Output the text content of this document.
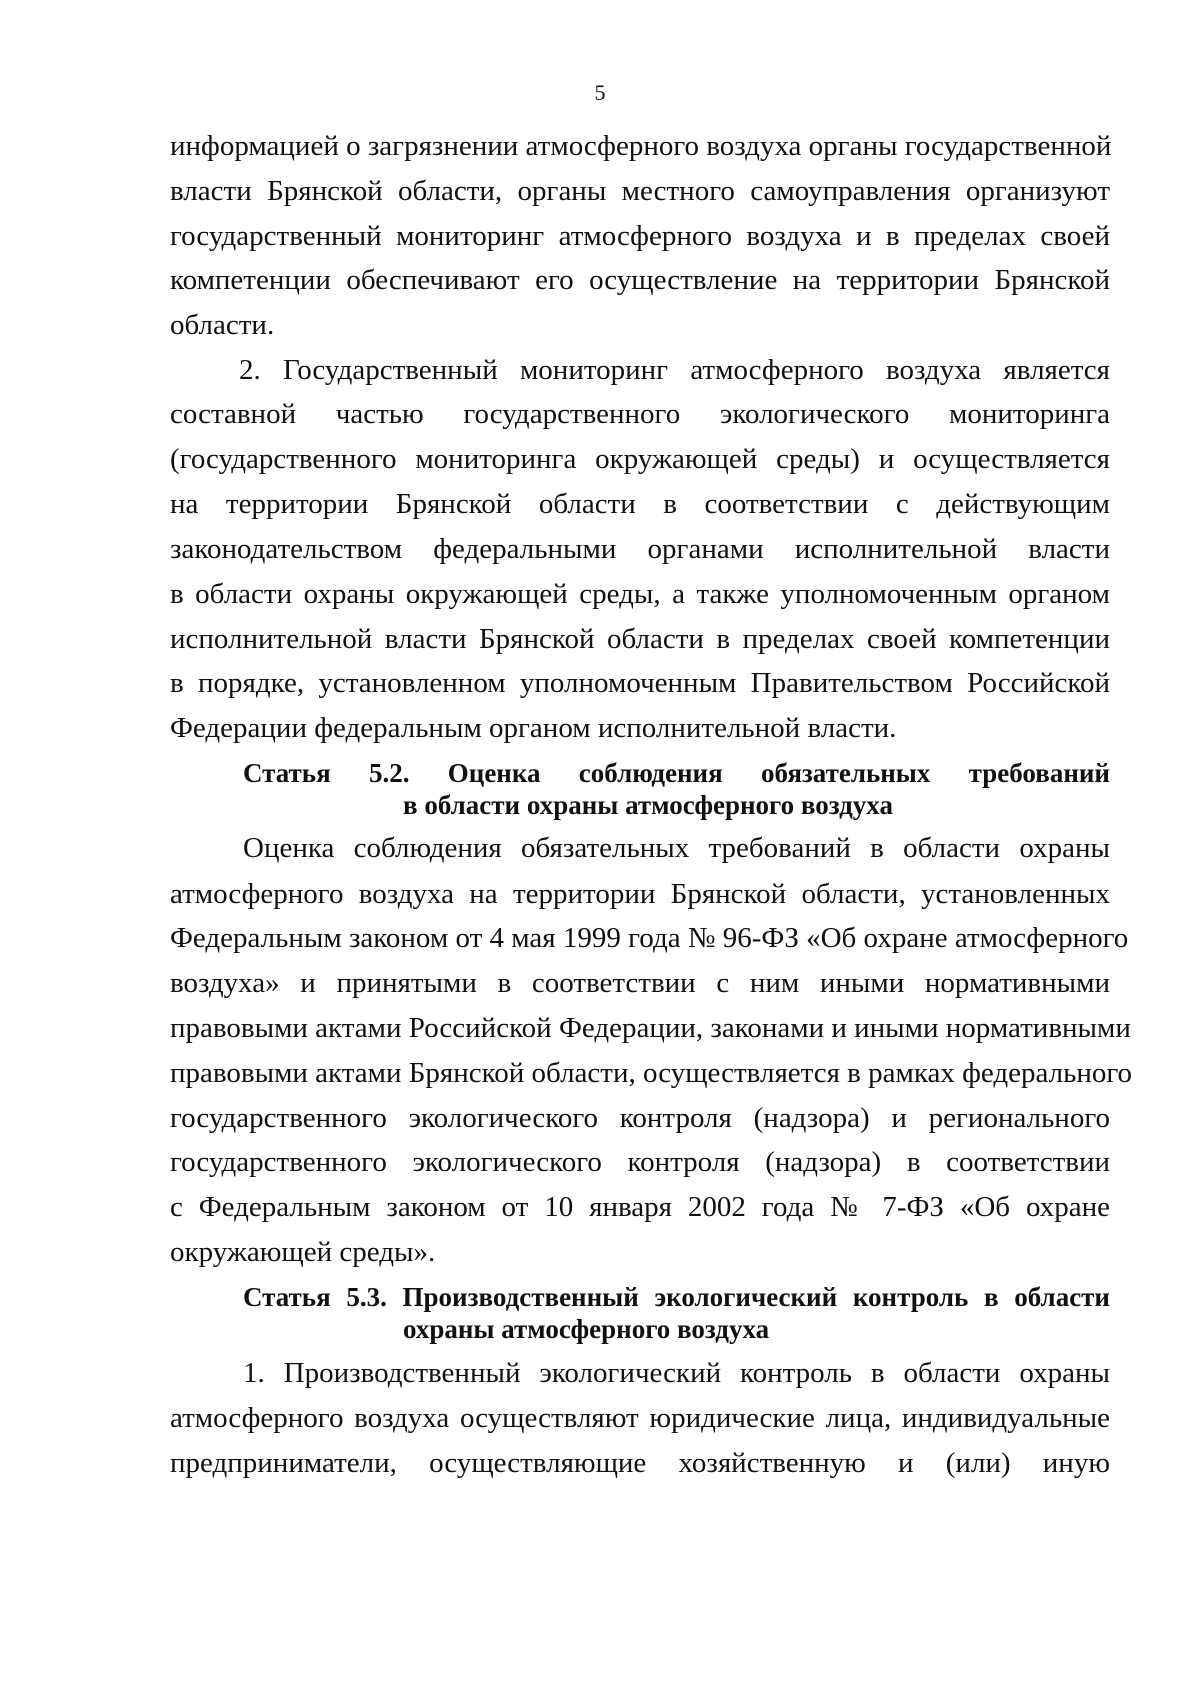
5
информацией о загрязнении атмосферного воздуха органы государственной
власти Брянской области, органы местного самоуправления организуют
государственный мониторинг атмосферного воздуха и в пределах своей
компетенции обеспечивают его осуществление на территории Брянской
области.
2. Государственный мониторинг атмосферного воздуха является
составной частью государственного экологического мониторинга
(государственного мониторинга окружающей среды) и осуществляется
на территории Брянской области в соответствии с действующим
законодательством федеральными органами исполнительной власти
в области охраны окружающей среды, а также уполномоченным органом
исполнительной власти Брянской области в пределах своей компетенции
в порядке, установленном уполномоченным Правительством Российской
Федерации федеральным органом исполнительной власти.
Статья 5.2. Оценка соблюдения обязательных требований
в области охраны атмосферного воздуха
Оценка соблюдения обязательных требований в области охраны
атмосферного воздуха на территории Брянской области, установленных
Федеральным законом от 4 мая 1999 года № 96-ФЗ «Об охране атмосферного
воздуха» и принятыми в соответствии с ним иными нормативными
правовыми актами Российской Федерации, законами и иными нормативными
правовыми актами Брянской области, осуществляется в рамках федерального
государственного экологического контроля (надзора) и регионального
государственного экологического контроля (надзора) в соответствии
с Федеральным законом от 10 января 2002 года № 7-ФЗ «Об охране
окружающей среды».
Статья 5.3. Производственный экологический контроль в области
охраны атмосферного воздуха
1. Производственный экологический контроль в области охраны
атмосферного воздуха осуществляют юридические лица, индивидуальные
предприниматели, осуществляющие хозяйственную и (или) иную
